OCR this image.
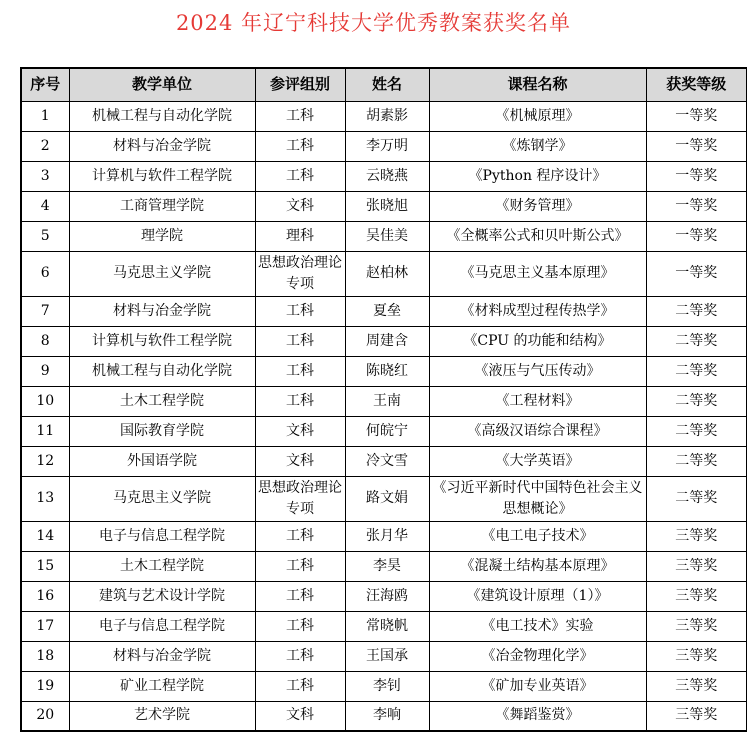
2024 年辽宁科技大学优秀教案获奖名单
序号	教学单位	参评组别	姓名	课程名称	获奖等级
1	机械工程与自动化学院	工科	胡素影	《机械原理》	一等奖
2	材料与冶金学院	工科	李万明	《炼钢学》	一等奖
3	计算机与软件工程学院	工科	云晓燕	《Python 程序设计》	一等奖
4	工商管理学院	文科	张晓旭	《财务管理》	一等奖
5	理学院	理科	吴佳美	《全概率公式和贝叶斯公式》	一等奖
6	马克思主义学院	思想政治理论专项	赵柏林	《马克思主义基本原理》	一等奖
7	材料与冶金学院	工科	夏垒	《材料成型过程传热学》	二等奖
8	计算机与软件工程学院	工科	周建含	《CPU 的功能和结构》	二等奖
9	机械工程与自动化学院	工科	陈晓红	《液压与气压传动》	二等奖
10	土木工程学院	工科	王南	《工程材料》	二等奖
11	国际教育学院	文科	何皖宁	《高级汉语综合课程》	二等奖
12	外国语学院	文科	冷文雪	《大学英语》	二等奖
13	马克思主义学院	思想政治理论专项	路文娟	《习近平新时代中国特色社会主义思想概论》	二等奖
14	电子与信息工程学院	工科	张月华	《电工电子技术》	三等奖
15	土木工程学院	工科	李昊	《混凝土结构基本原理》	三等奖
16	建筑与艺术设计学院	工科	汪海鸥	《建筑设计原理（1）》	三等奖
17	电子与信息工程学院	工科	常晓帆	《电工技术》实验	三等奖
18	材料与冶金学院	工科	王国承	《冶金物理化学》	三等奖
19	矿业工程学院	工科	李钊	《矿加专业英语》	三等奖
20	艺术学院	文科	李响	《舞蹈鉴赏》	三等奖
